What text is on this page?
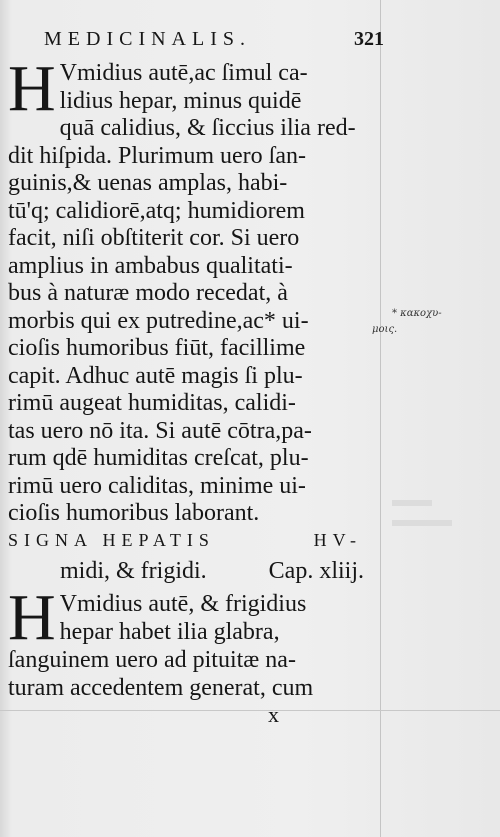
MEDICINALIS.	321
H Vmidius autē,ac ſimul ca-
lidius hepar, minus quidē
quā calidius, & ſiccius ilia red-
dit hiſpida. Plurimum uero ſan-
guinis,& uenas amplas, habi-
tū'q; calidiorē,atq; humidiorem
facit, niſi obſtiterit cor. Si uero
amplius in ambabus qualitati-
bus à naturæ modo recedat, à
morbis qui ex putredine,ac* ui-
cioſis humoribus fiūt, facillime
capit. Adhuc autē magis ſi plu-
rimū augeat humiditas, calidi-
tas uero nō ita. Si autē cōtra,pa-
rum qdē humiditas creſcat, plu-
rimū uero caliditas, minime ui-
cioſis humoribus laborant.
* κακοχυ-
μοις.
SIGNA HEPATIS	HV-
midi, & frigidi.	Cap. xliij.
H Vmidius autē, & frigidius
hepar habet ilia glabra,
ſanguinem uero ad pituitæ na-
turam accedentem generat, cum
x
